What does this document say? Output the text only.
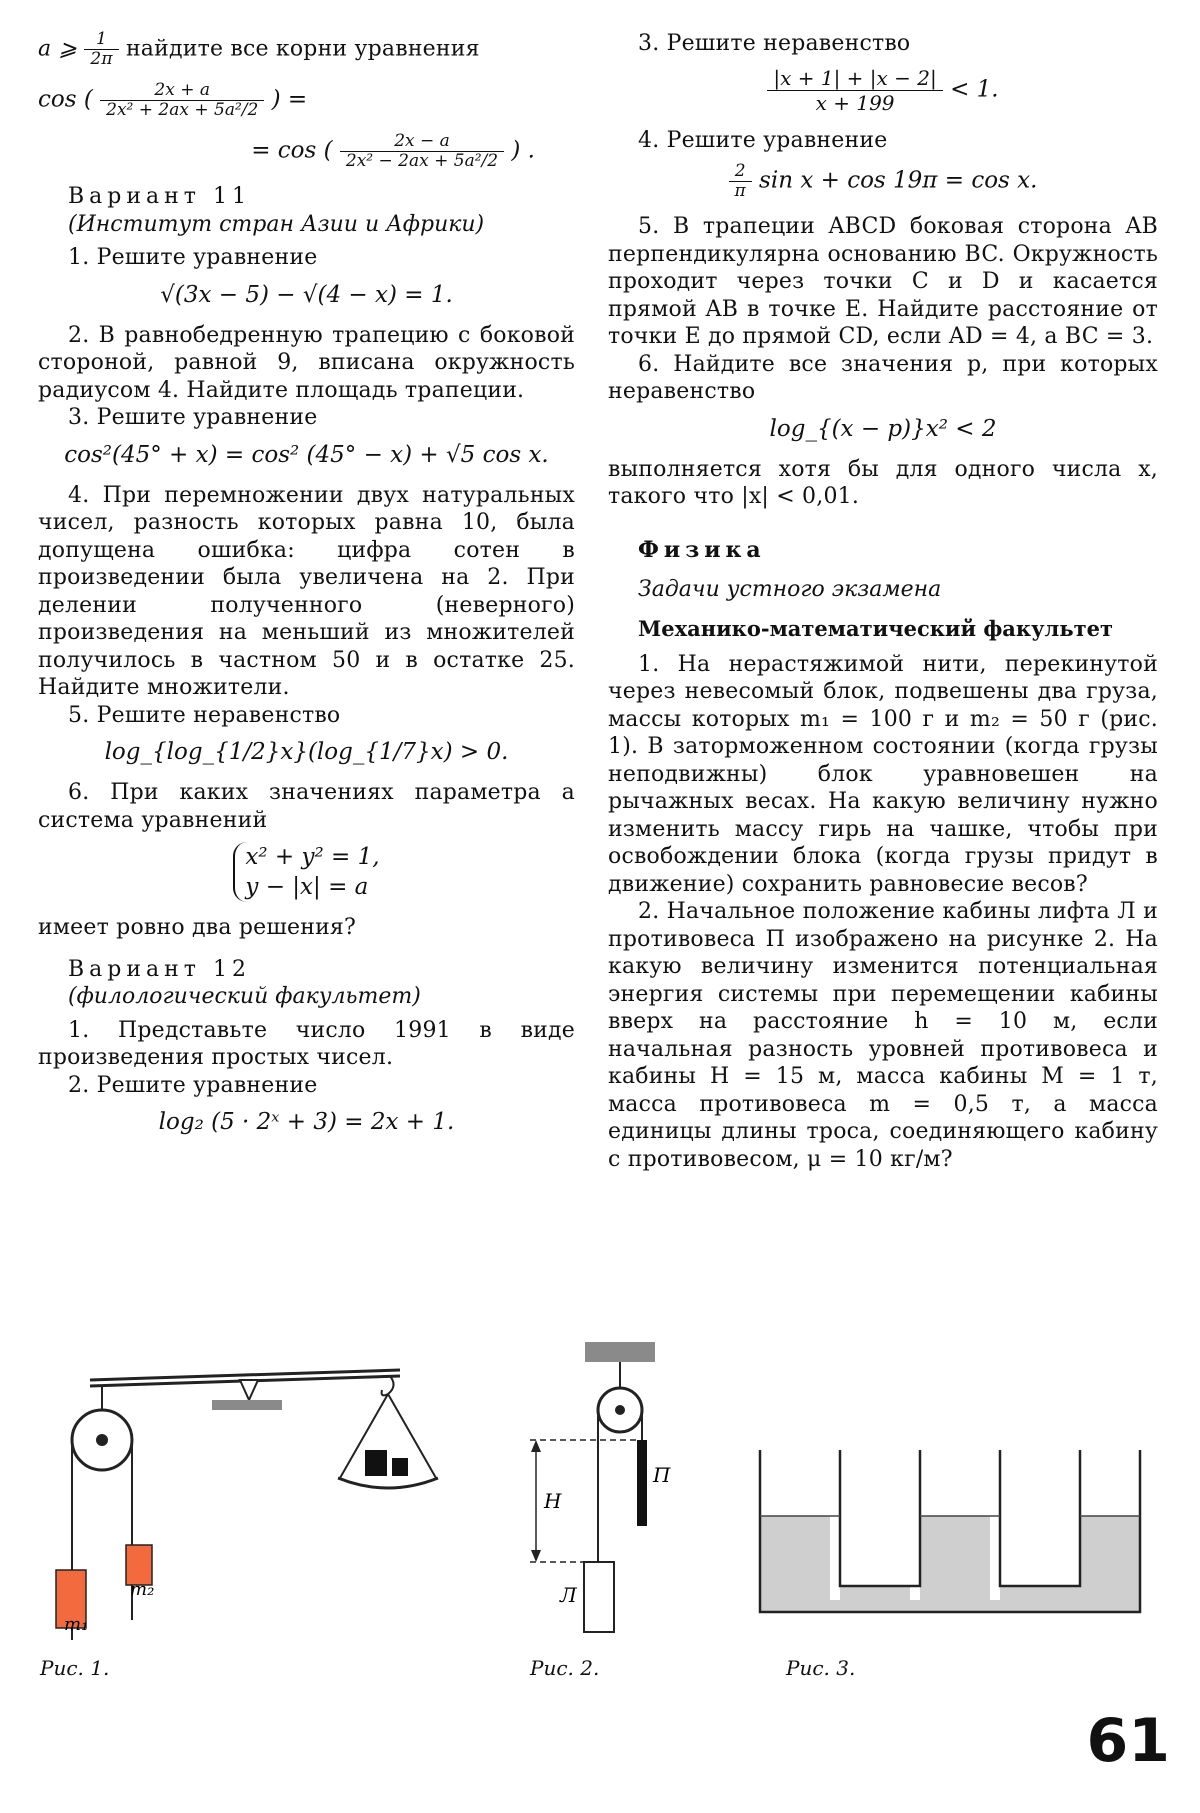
a ⩾ $\frac{1}{2\pi}$ найдите все корни уравнения

cos ( $\frac{2x + a}{\text{2x² + 2ax + 5a²/2}}$ ) =
= cos ( $\frac{2x - a}{\text{2x² − 2ax + 5a²/2}}$ ) .

Вариант 11

(Институт стран Азии и Африки)

1. Решите уравнение

√(3x − 5) − √(4 − x) = 1.

2. В равнобедренную трапецию с боковой стороной, равной 9, вписана окружность радиусом 4. Найдите площадь трапеции.

3. Решите уравнение

cos²(45° + x) = cos² (45° − x) + √5 cos x.

4. При перемножении двух натуральных чисел, разность которых равна 10, была допущена ошибка: цифра сотен в произведении была увеличена на 2. При делении полученного (неверного) произведения на меньший из множителей получилось в частном 50 и в остатке 25. Найдите множители.

5. Решите неравенство

log_{log_{1/2}x}(log_{1/7}x) > 0.

6. При каких значениях параметра a система уравнений

x² + y² = 1,
y − |x| = a

имеет ровно два решения?

Вариант 12

(филологический факультет)

1. Представьте число 1991 в виде произведения простых чисел.

2. Решите уравнение

log₂ (5 · 2ˣ + 3) = 2x + 1.

3. Решите неравенство

$\frac{|x + 1| + |x - 2|}{x + 199} < 1$.

4. Решите уравнение

$\frac{2}{\pi}$ sin x + cos 19π = cos x.

5. В трапеции ABCD боковая сторона AB перпендикулярна основанию BC. Окружность проходит через точки C и D и касается прямой AB в точке E. Найдите расстояние от точки E до прямой CD, если AD = 4, а BC = 3.

6. Найдите все значения p, при которых неравенство

log_{(x − p)}x² < 2

выполняется хотя бы для одного числа x, такого что |x| < 0,01.

Физика

Задачи устного экзамена

Механико-математический факультет

1. На нерастяжимой нити, перекинутой через невесомый блок, подвешены два груза, массы которых m₁ = 100 г и m₂ = 50 г (рис. 1). В заторможенном состоянии (когда грузы неподвижны) блок уравновешен на рычажных весах. На какую величину нужно изменить массу гирь на чашке, чтобы при освобождении блока (когда грузы придут в движение) сохранить равновесие весов?

2. Начальное положение кабины лифта Л и противовеса П изображено на рисунке 2. На какую величину изменится потенциальная энергия системы при перемещении кабины вверх на расстояние h = 10 м, если начальная разность уровней противовеса и кабины H = 15 м, масса кабины M = 1 т, масса противовеса m = 0,5 т, а масса единицы длины троса, соединяющего кабину с противовесом, μ = 10 кг/м?

m₁
m₂
Рис. 1.
H
П
Л
Рис. 2.	Рис. 3.
61
